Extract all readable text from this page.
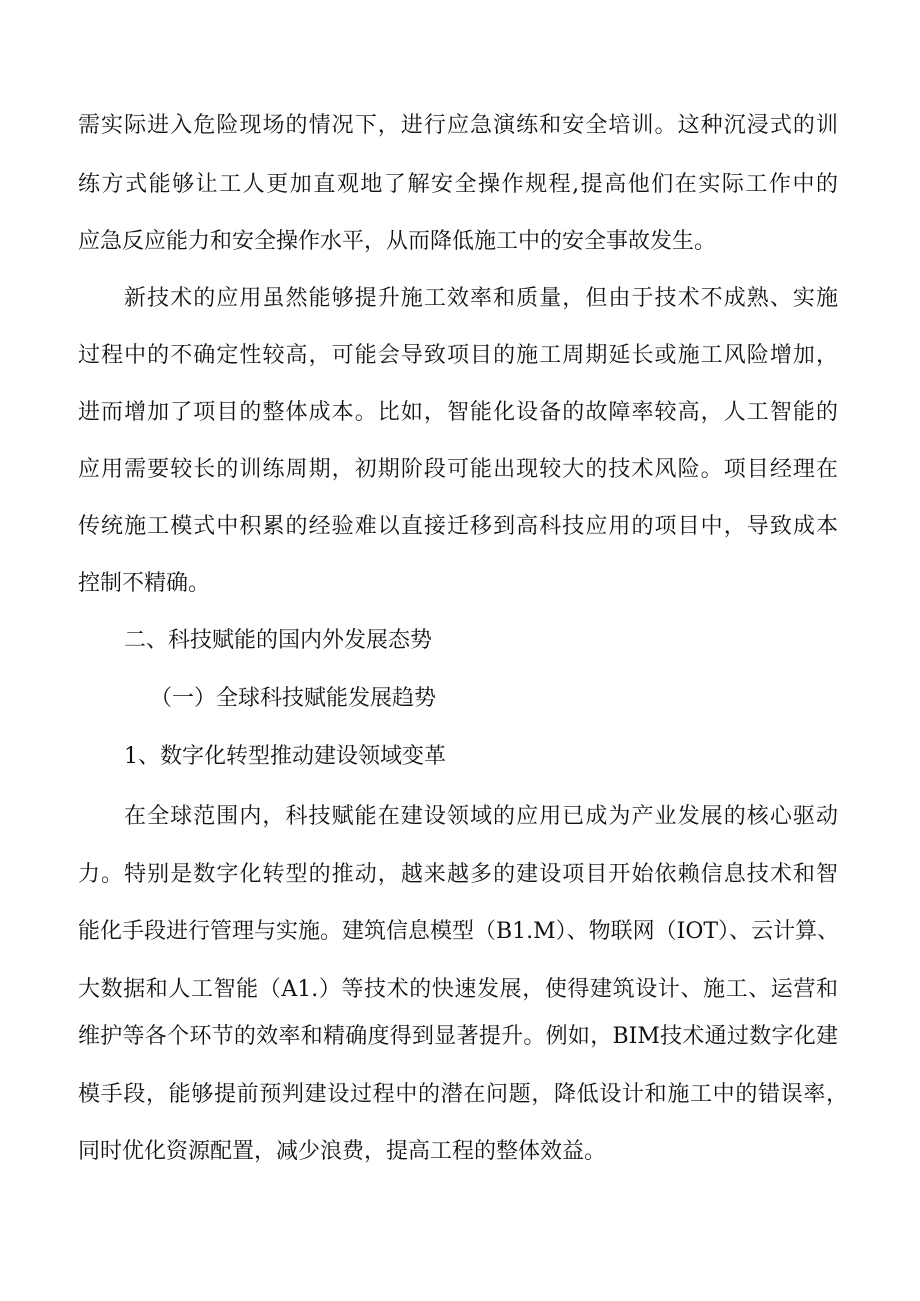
需实际进入危险现场的情况下，进行应急演练和安全培训。这种沉浸式的训
练方式能够让工人更加直观地了解安全操作规程,提高他们在实际工作中的
应急反应能力和安全操作水平，从而降低施工中的安全事故发生。
新技术的应用虽然能够提升施工效率和质量，但由于技术不成熟、实施
过程中的不确定性较高，可能会导致项目的施工周期延长或施工风险增加，
进而增加了项目的整体成本。比如，智能化设备的故障率较高，人工智能的
应用需要较长的训练周期，初期阶段可能出现较大的技术风险。项目经理在
传统施工模式中积累的经验难以直接迁移到高科技应用的项目中，导致成本
控制不精确。
二、科技赋能的国内外发展态势
（一）全球科技赋能发展趋势
1、数字化转型推动建设领域变革
在全球范围内，科技赋能在建设领域的应用已成为产业发展的核心驱动
力。特别是数字化转型的推动，越来越多的建设项目开始依赖信息技术和智
能化手段进行管理与实施。建筑信息模型（B1.M）、物联网（IOT）、云计算、
大数据和人工智能（A1.）等技术的快速发展，使得建筑设计、施工、运营和
维护等各个环节的效率和精确度得到显著提升。例如，BIM技术通过数字化建
模手段，能够提前预判建设过程中的潜在问题，降低设计和施工中的错误率，
同时优化资源配置，减少浪费，提高工程的整体效益。
